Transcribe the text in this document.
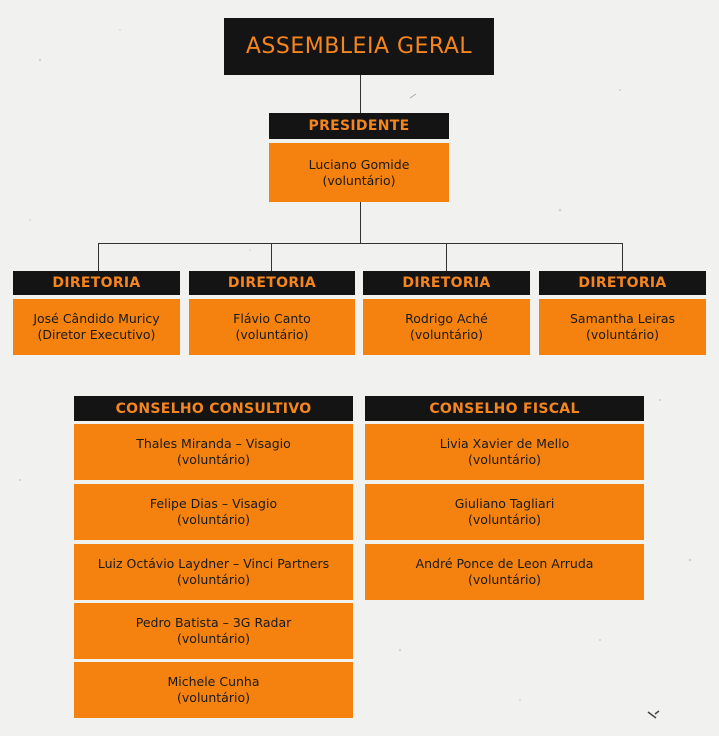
ASSEMBLEIA GERAL
PRESIDENTE
Luciano Gomide
(voluntário)
DIRETORIA
José Cândido Muricy
(Diretor Executivo)
DIRETORIA
Flávio Canto
(voluntário)
DIRETORIA
Rodrigo Aché
(voluntário)
DIRETORIA
Samantha Leiras
(voluntário)
CONSELHO CONSULTIVO
Thales Miranda – Visagio
(voluntário)
Felipe Dias – Visagio
(voluntário)
Luiz Octávio Laydner – Vinci Partners
(voluntário)
Pedro Batista – 3G Radar
(voluntário)
Michele Cunha
(voluntário)
CONSELHO FISCAL
Livia Xavier de Mello
(voluntário)
Giuliano Tagliari
(voluntário)
André Ponce de Leon Arruda
(voluntário)
